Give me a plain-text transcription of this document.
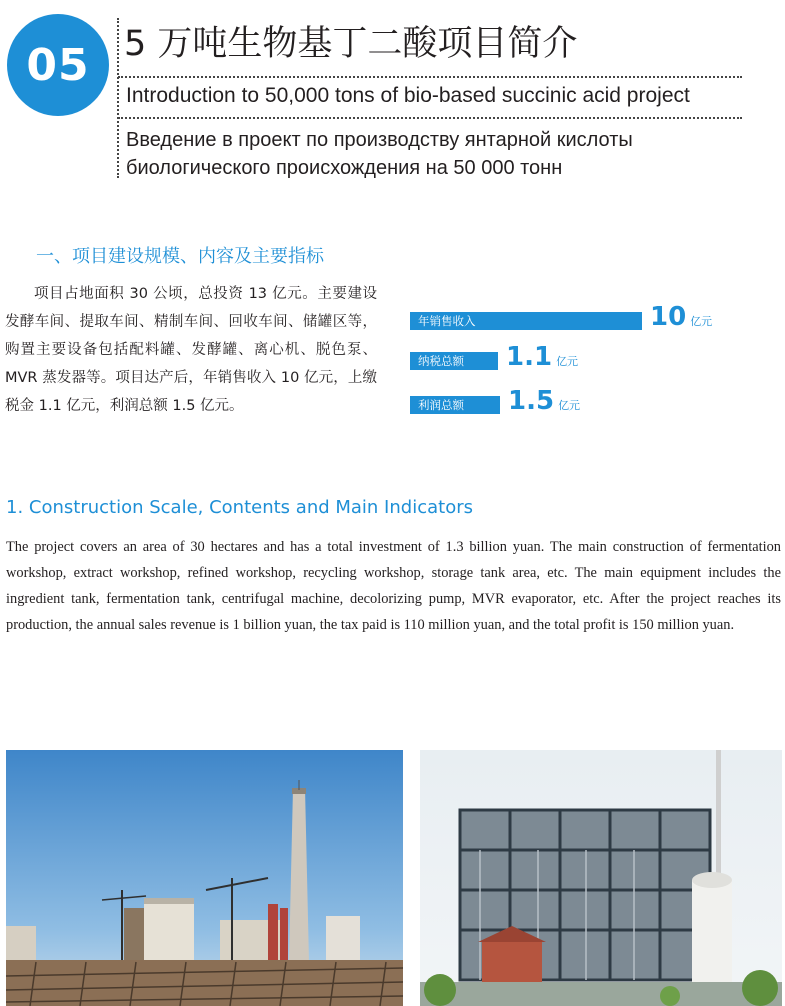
05 5 万吨生物基丁二酸项目简介
Introduction to 50,000 tons of bio-based succinic acid project
Введение в проект по производству янтарной кислоты биологического происхождения на 50 000 тонн
一、项目建设规模、内容及主要指标
项目占地面积 30 公顷，总投资 13 亿元。主要建设发酵车间、提取车间、精制车间、回收车间、储罐区等，购置主要设备包括配料罐、发酵罐、离心机、脱色泵、MVR 蒸发器等。项目达产后，年销售收入 10 亿元，上缴税金 1.1 亿元，利润总额 1.5 亿元。
年销售收入	10 亿元
纳税总额	1.1 亿元
利润总额	1.5 亿元
1. Construction Scale, Contents and Main Indicators
The project covers an area of 30 hectares and has a total investment of 1.3 billion yuan. The main construction of fermentation workshop, extract workshop, refined workshop, recycling workshop, storage tank area, etc. The main equipment includes the ingredient tank, fermentation tank, centrifugal machine, decolorizing pump, MVR evaporator, etc. After the project reaches its production, the annual sales revenue is 1 billion yuan, the tax paid is 110 million yuan, and the total profit is 150 million yuan.
